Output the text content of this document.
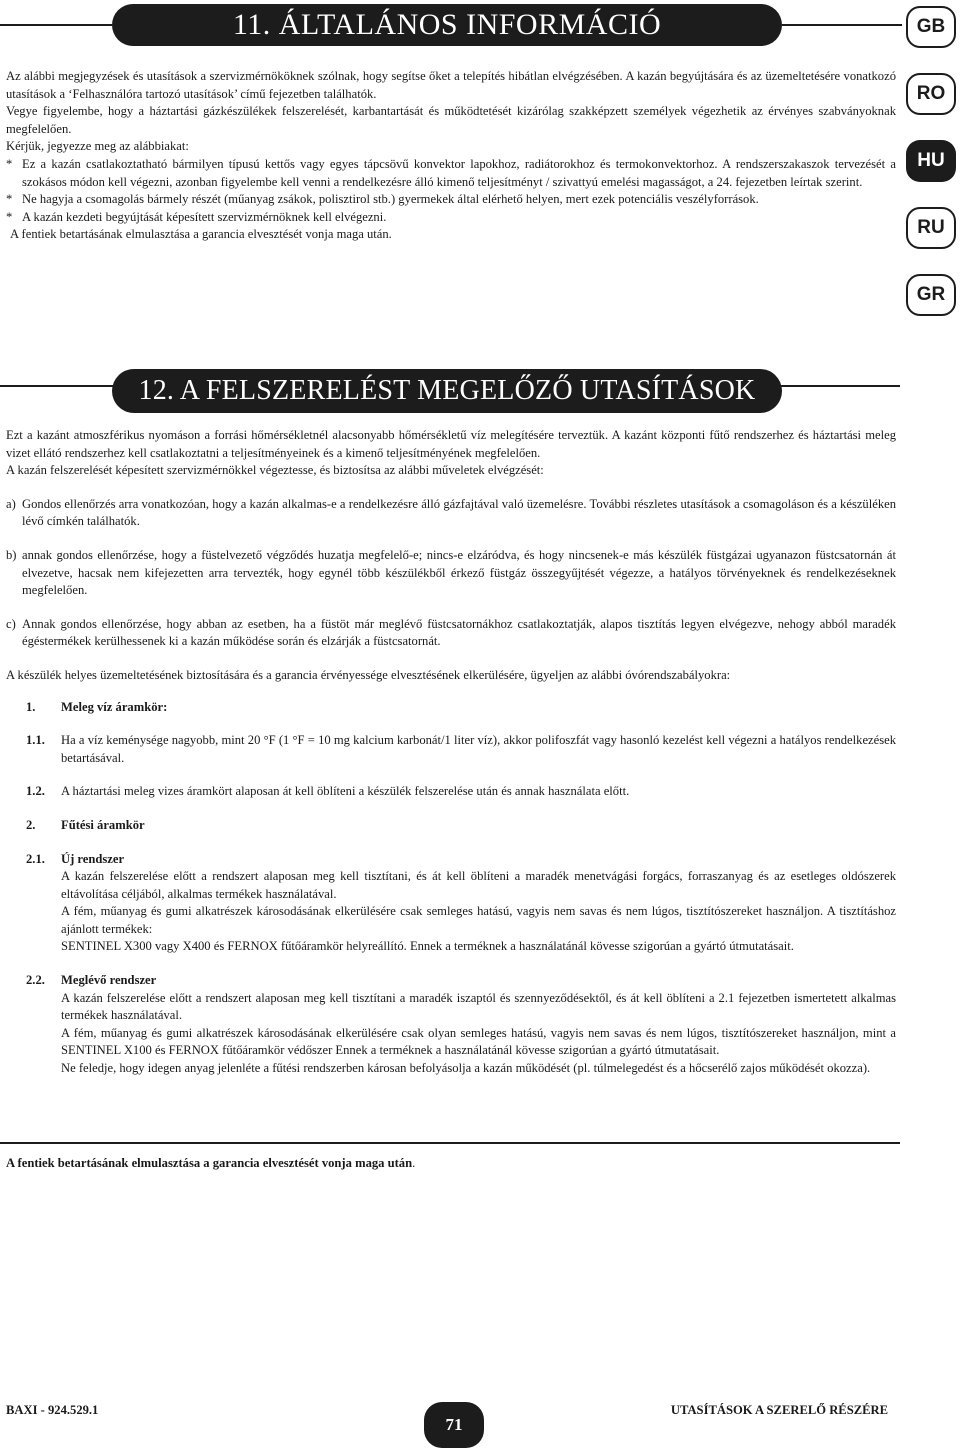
11. ÁLTALÁNOS INFORMÁCIÓ	GB
RO
HU
RU
GR

Az alábbi megjegyzések és utasítások a szervizmérnököknek szólnak, hogy segítse őket a telepítés hibátlan elvégzésében. A kazán begyújtására és az üzemeltetésére vonatkozó utasítások a ‘Felhasználóra tartozó utasítások’ című fejezetben találhatók.

Vegye figyelembe, hogy a háztartási gázkészülékek felszerelését, karbantartását és működtetését kizárólag szakképzett személyek végezhetik az érvényes szabványoknak megfelelően.

Kérjük, jegyezze meg az alábbiakat:

* Ez a kazán csatlakoztatható bármilyen típusú kettős vagy egyes tápcsövű konvektor lapokhoz, radiátorokhoz és termokonvektorhoz. A rendszerszakaszok tervezését a szokásos módon kell végezni, azonban figyelembe kell venni a rendelkezésre álló kimenő teljesítményt / szivattyú emelési magasságot, a 24. fejezetben leírtak szerint.
* Ne hagyja a csomagolás bármely részét (műanyag zsákok, polisztirol stb.) gyermekek által elérhető helyen, mert ezek potenciális veszélyforrások.
* A kazán kezdeti begyújtását képesített szervizmérnöknek kell elvégezni.

A fentiek betartásának elmulasztása a garancia elvesztését vonja maga után.

12. A FELSZERELÉST MEGELŐZŐ UTASÍTÁSOK

Ezt a kazánt atmoszférikus nyomáson a forrási hőmérsékletnél alacsonyabb hőmérsékletű víz melegítésére terveztük. A kazánt központi fűtő rendszerhez és háztartási meleg vizet ellátó rendszerhez kell csatlakoztatni a teljesítményeinek és a kimenő teljesítményének megfelelően.

A kazán felszerelését képesített szervizmérnökkel végeztesse, és biztosítsa az alábbi műveletek elvégzését:

a) Gondos ellenőrzés arra vonatkozóan, hogy a kazán alkalmas-e a rendelkezésre álló gázfajtával való üzemelésre. További részletes utasítások a csomagoláson és a készüléken lévő címkén találhatók.
b) annak gondos ellenőrzése, hogy a füstelvezető végződés huzatja megfelelő-e; nincs-e elzáródva, és hogy nincsenek-e más készülék füstgázai ugyanazon füstcsatornán át elvezetve, hacsak nem kifejezetten arra tervezték, hogy egynél több készülékből érkező füstgáz összegyűjtését végezze, a hatályos törvényeknek és rendelkezéseknek megfelelően.
c) Annak gondos ellenőrzése, hogy abban az esetben, ha a füstöt már meglévő füstcsatornákhoz csatlakoztatják, alapos tisztítás legyen elvégezve, nehogy abból maradék égéstermékek kerülhessenek ki a kazán működése során és elzárják a füstcsatornát.

A készülék helyes üzemeltetésének biztosítására és a garancia érvényessége elvesztésének elkerülésére, ügyeljen az alábbi óvórendszabályokra:

1.	Meleg víz áramkör:
1.1.	Ha a víz keménysége nagyobb, mint 20 °F (1 °F = 10 mg kalcium karbonát/1 liter víz), akkor polifoszfát vagy hasonló kezelést kell végezni a hatályos rendelkezések betartásával.
1.2.	A háztartási meleg vizes áramkört alaposan át kell öblíteni a készülék felszerelése után és annak használata előtt.
2.	Fűtési áramkör
2.1.	Új rendszer

A kazán felszerelése előtt a rendszert alaposan meg kell tisztítani, és át kell öblíteni a maradék menetvágási forgács, forraszanyag és az esetleges oldószerek eltávolítása céljából, alkalmas termékek használatával.

A fém, műanyag és gumi alkatrészek károsodásának elkerülésére csak semleges hatású, vagyis nem savas és nem lúgos, tisztítószereket használjon. A tisztításhoz ajánlott termékek:

SENTINEL X300 vagy X400 és FERNOX fűtőáramkör helyreállító. Ennek a terméknek a használatánál kövesse szigorúan a gyártó útmutatásait.

2.2.	Meglévő rendszer

A kazán felszerelése előtt a rendszert alaposan meg kell tisztítani a maradék iszaptól és szennyeződésektől, és át kell öblíteni a 2.1 fejezetben ismertetett alkalmas termékek használatával.

A fém, műanyag és gumi alkatrészek károsodásának elkerülésére csak olyan semleges hatású, vagyis nem savas és nem lúgos, tisztítószereket használjon, mint a SENTINEL X100 és FERNOX fűtőáramkör védőszer Ennek a terméknek a használatánál kövesse szigorúan a gyártó útmutatásait.

Ne feledje, hogy idegen anyag jelenléte a fűtési rendszerben károsan befolyásolja a kazán működését (pl. túlmelegedést és a hőcserélő zajos működését okozza).

A fentiek betartásának elmulasztása a garancia elvesztését vonja maga után.
BAXI - 924.529.1
71
UTASÍTÁSOK A SZERELŐ RÉSZÉRE
